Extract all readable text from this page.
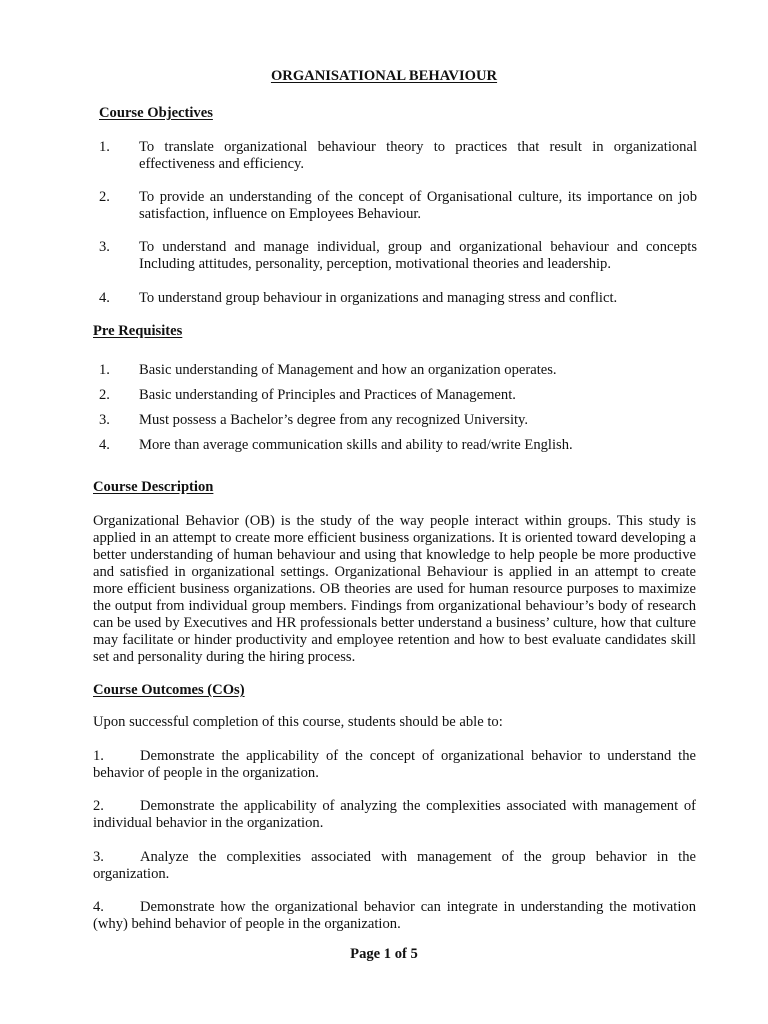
ORGANISATIONAL BEHAVIOUR
Course Objectives
1. To translate organizational behaviour theory to practices that result in organizational effectiveness and efficiency.
2. To provide an understanding of the concept of Organisational culture, its importance on job satisfaction, influence on Employees Behaviour.
3. To understand and manage individual, group and organizational behaviour and concepts Including attitudes, personality, perception, motivational theories and leadership.
4. To understand group behaviour in organizations and managing stress and conflict.
Pre Requisites
1. Basic understanding of Management and how an organization operates.
2. Basic understanding of Principles and Practices of Management.
3. Must possess a Bachelor’s degree from any recognized University.
4. More than average communication skills and ability to read/write English.
Course Description
Organizational Behavior (OB) is the study of the way people interact within groups. This study is applied in an attempt to create more efficient business organizations. It is oriented toward developing a better understanding of human behaviour and using that knowledge to help people be more productive and satisfied in organizational settings. Organizational Behaviour is applied in an attempt to create more efficient business organizations. OB theories are used for human resource purposes to maximize the output from individual group members. Findings from organizational behaviour’s body of research can be used by Executives and HR professionals better understand a business’ culture, how that culture may facilitate or hinder productivity and employee retention and how to best evaluate candidates skill set and personality during the hiring process.
Course Outcomes (COs)
Upon successful completion of this course, students should be able to:
1. Demonstrate the applicability of the concept of organizational behavior to understand the behavior of people in the organization.
2. Demonstrate the applicability of analyzing the complexities associated with management of individual behavior in the organization.
3. Analyze the complexities associated with management of the group behavior in the organization.
4. Demonstrate how the organizational behavior can integrate in understanding the motivation (why) behind behavior of people in the organization.
Page 1 of 5
